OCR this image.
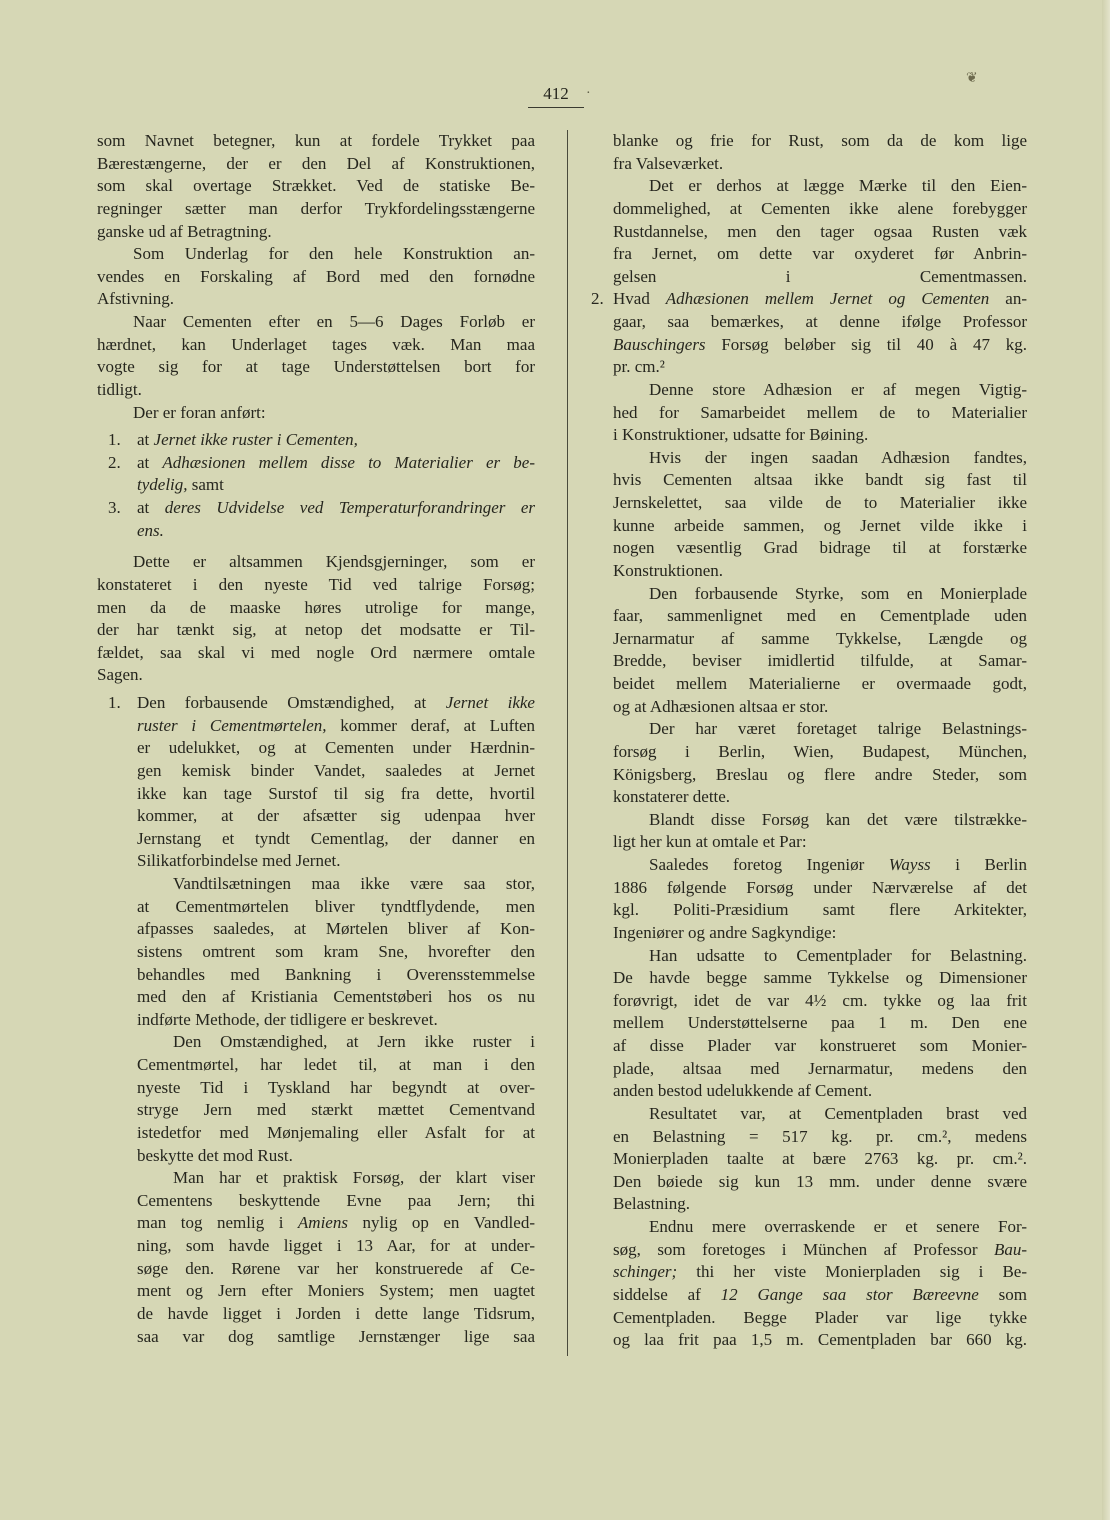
❦
412	·
som Navnet betegner, kun at fordele Trykket paa
Bærestængerne, der er den Del af Konstruktionen,
som skal overtage Strækket. Ved de statiske Be-
regninger sætter man derfor Trykfordelingsstængerne
ganske ud af Betragtning.
Som Underlag for den hele Konstruktion an-
vendes en Forskaling af Bord med den fornødne
Afstivning.
Naar Cementen efter en 5—6 Dages Forløb er
hærdnet, kan Underlaget tages væk. Man maa
vogte sig for at tage Understøttelsen bort for
tidligt.
Der er foran anført:
1. at Jernet ikke ruster i Cementen,
2. at Adhæsionen mellem disse to Materialier er be-
tydelig, samt
3. at deres Udvidelse ved Temperaturforandringer er
ens.
Dette er altsammen Kjendsgjerninger, som er
konstateret i den nyeste Tid ved talrige Forsøg;
men da de maaske høres utrolige for mange,
der har tænkt sig, at netop det modsatte er Til-
fældet, saa skal vi med nogle Ord nærmere omtale
Sagen.
1. Den forbausende Omstændighed, at Jernet ikke
ruster i Cementmørtelen, kommer deraf, at Luften
er udelukket, og at Cementen under Hærdnin-
gen kemisk binder Vandet, saaledes at Jernet
ikke kan tage Surstof til sig fra dette, hvortil
kommer, at der afsætter sig udenpaa hver
Jernstang et tyndt Cementlag, der danner en
Silikatforbindelse med Jernet.
Vandtilsætningen maa ikke være saa stor,
at Cementmørtelen bliver tyndtflydende, men
afpasses saaledes, at Mørtelen bliver af Kon-
sistens omtrent som kram Sne, hvorefter den
behandles med Bankning i Overensstemmelse
med den af Kristiania Cementstøberi hos os nu
indførte Methode, der tidligere er beskrevet.
Den Omstændighed, at Jern ikke ruster i
Cementmørtel, har ledet til, at man i den
nyeste Tid i Tyskland har begyndt at over-
stryge Jern med stærkt mættet Cementvand
istedetfor med Mønjemaling eller Asfalt for at
beskytte det mod Rust.
Man har et praktisk Forsøg, der klart viser
Cementens beskyttende Evne paa Jern; thi
man tog nemlig i Amiens nylig op en Vandled-
ning, som havde ligget i 13 Aar, for at under-
søge den. Rørene var her konstruerede af Ce-
ment og Jern efter Moniers System; men uagtet
de havde ligget i Jorden i dette lange Tidsrum,
saa var dog samtlige Jernstænger lige saa
blanke og frie for Rust, som da de kom lige
fra Valseværket.
Det er derhos at lægge Mærke til den Eien-
dommelighed, at Cementen ikke alene forebygger
Rustdannelse, men den tager ogsaa Rusten væk
fra Jernet, om dette var oxyderet før Anbrin-
gelsen i Cementmassen.
2. Hvad Adhæsionen mellem Jernet og Cementen an-
gaar, saa bemærkes, at denne ifølge Professor
Bauschingers Forsøg beløber sig til 40 à 47 kg.
pr. cm.²
Denne store Adhæsion er af megen Vigtig-
hed for Samarbeidet mellem de to Materialier
i Konstruktioner, udsatte for Bøining.
Hvis der ingen saadan Adhæsion fandtes,
hvis Cementen altsaa ikke bandt sig fast til
Jernskelettet, saa vilde de to Materialier ikke
kunne arbeide sammen, og Jernet vilde ikke i
nogen væsentlig Grad bidrage til at forstærke
Konstruktionen.
Den forbausende Styrke, som en Monierplade
faar, sammenlignet med en Cementplade uden
Jernarmatur af samme Tykkelse, Længde og
Bredde, beviser imidlertid tilfulde, at Samar-
beidet mellem Materialierne er overmaade godt,
og at Adhæsionen altsaa er stor.
Der har været foretaget talrige Belastnings-
forsøg i Berlin, Wien, Budapest, München,
Königsberg, Breslau og flere andre Steder, som
konstaterer dette.
Blandt disse Forsøg kan det være tilstrække-
ligt her kun at omtale et Par:
Saaledes foretog Ingeniør Wayss i Berlin
1886 følgende Forsøg under Nærværelse af det
kgl. Politi-Præsidium samt flere Arkitekter,
Ingeniører og andre Sagkyndige:
Han udsatte to Cementplader for Belastning.
De havde begge samme Tykkelse og Dimensioner
forøvrigt, idet de var 4½ cm. tykke og laa frit
mellem Understøttelserne paa 1 m. Den ene
af disse Plader var konstrueret som Monier-
plade, altsaa med Jernarmatur, medens den
anden bestod udelukkende af Cement.
Resultatet var, at Cementpladen brast ved
en Belastning = 517 kg. pr. cm.², medens
Monierpladen taalte at bære 2763 kg. pr. cm.².
Den bøiede sig kun 13 mm. under denne svære
Belastning.
Endnu mere overraskende er et senere For-
søg, som foretoges i München af Professor Bau-
schinger; thi her viste Monierpladen sig i Be-
siddelse af 12 Gange saa stor Bæreevne som
Cementpladen. Begge Plader var lige tykke
og laa frit paa 1,5 m. Cementpladen bar 660 kg.
